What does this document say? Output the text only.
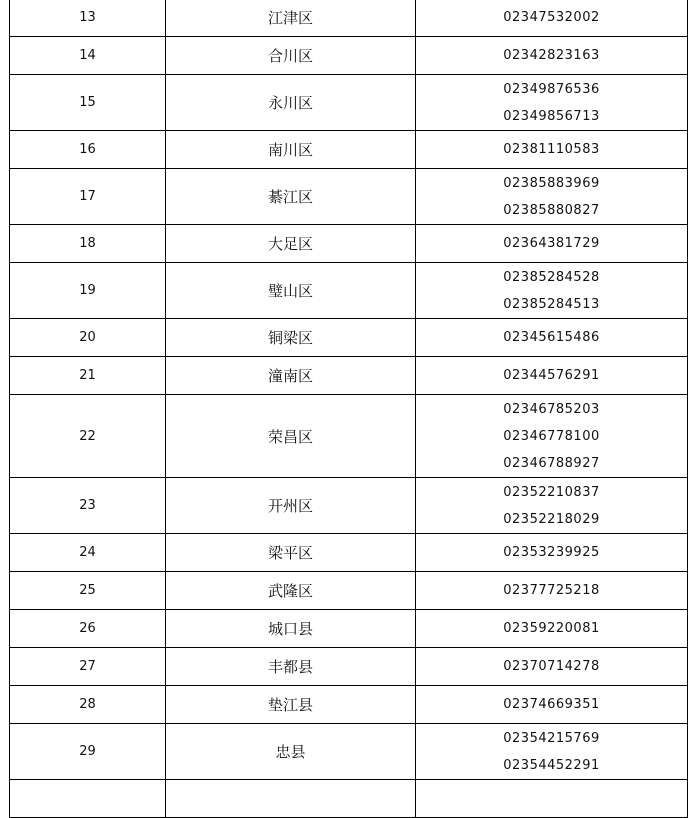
13	江津区	02347532002

14	合川区	02342823163

15	永川区	02349876536
02349856713

16	南川区	02381110583

17	綦江区	02385883969
02385880827

18	大足区	02364381729

19	璧山区	02385284528
02385284513

20	铜梁区	02345615486

21	潼南区	02344576291

22	荣昌区	02346785203
02346778100
02346788927

23	开州区	02352210837
02352218029

24	梁平区	02353239925

25	武隆区	02377725218

26	城口县	02359220081

27	丰都县	02370714278

28	垫江县	02374669351

29	忠县	02354215769
02354452291
